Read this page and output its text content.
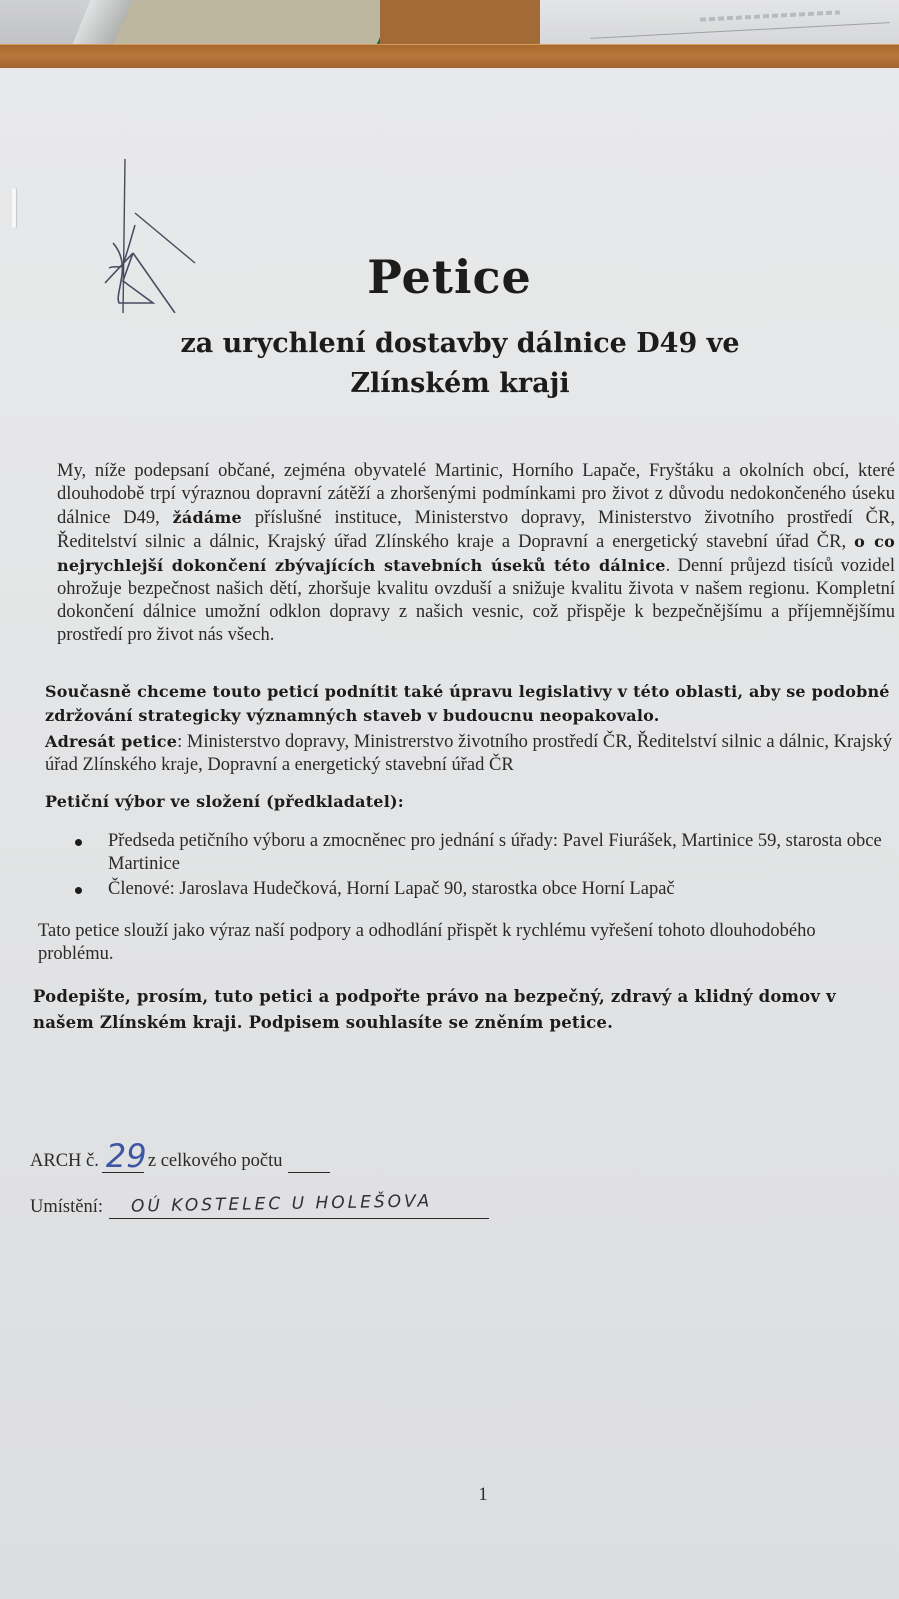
Petice
za urychlení dostavby dálnice D49 ve
Zlínském kraji

My, níže podepsaní občané, zejména obyvatelé Martinic, Horního Lapače, Fryštáku a okolních obcí, které dlouhodobě trpí výraznou dopravní zátěží a zhoršenými podmínkami pro život z důvodu nedokončeného úseku dálnice D49, žádáme příslušné instituce, Ministerstvo dopravy, Ministerstvo životního prostředí ČR, Ředitelství silnic a dálnic, Krajský úřad Zlínského kraje a Dopravní a energetický stavební úřad ČR, o co nejrychlejší dokončení zbývajících stavebních úseků této dálnice. Denní průjezd tisíců vozidel ohrožuje bezpečnost našich dětí, zhoršuje kvalitu ovzduší a snižuje kvalitu života v našem regionu. Kompletní dokončení dálnice umožní odklon dopravy z našich vesnic, což přispěje k bezpečnějšímu a příjemnějšímu prostředí pro život nás všech.

Současně chceme touto peticí podnítit také úpravu legislativy v této oblasti, aby se podobné zdržování strategicky významných staveb v budoucnu neopakovalo.

Adresát petice: Ministerstvo dopravy, Ministrerstvo životního prostředí ČR, Ředitelství silnic a dálnic, Krajský úřad Zlínského kraje, Dopravní a energetický stavební úřad ČR

Petiční výbor ve složení (předkladatel):

Předseda petičního výboru a zmocněnec pro jednání s úřady: Pavel Fiurášek, Martinice 59, starosta obce Martinice
Členové: Jaroslava Hudečková, Horní Lapač 90, starostka obce Horní Lapač

Tato petice slouží jako výraz naší podpory a odhodlání přispět k rychlému vyřešení tohoto dlouhodobého problému.

Podepište, prosím, tuto petici a podpořte právo na bezpečný, zdravý a klidný domov v našem Zlínském kraji. Podpisem souhlasíte se zněním petice.

ARCH č. 29 z celkového počtu
Umístění: OÚ KOSTELEC U HOLEŠOVA
1
